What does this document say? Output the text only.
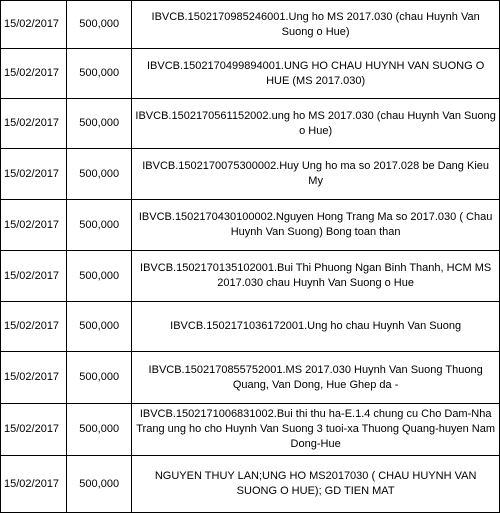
15/02/2017	500,000	IBVCB.1502170985246001.Ung ho MS 2017.030 (chau Huynh Van Suong o Hue)
15/02/2017	500,000	IBVCB.1502170499894001.UNG HO CHAU HUYNH VAN SUONG O HUE (MS 2017.030)
15/02/2017	500,000	IBVCB.1502170561152002.ung ho MS 2017.030 (chau Huynh Van Suong o Hue)
15/02/2017	500,000	IBVCB.1502170075300002.Huy Ung ho ma so 2017.028 be Dang Kieu My
15/02/2017	500,000	IBVCB.1502170430100002.Nguyen Hong Trang Ma so 2017.030 ( Chau Huynh Van Suong) Bong toan than
15/02/2017	500,000	IBVCB.1502170135102001.Bui Thi Phuong Ngan Binh Thanh, HCM MS 2017.030 chau Huynh Van Suong o Hue
15/02/2017	500,000	IBVCB.1502171036172001.Ung ho chau Huynh Van Suong
15/02/2017	500,000	IBVCB.1502170855752001.MS 2017.030 Huynh Van Suong Thuong Quang, Van Dong, Hue Ghep da -
15/02/2017	500,000	IBVCB.1502171006831002.Bui thi thu ha-E.1.4 chung cu Cho Dam-Nha Trang ung ho cho Huynh Van Suong 3 tuoi-xa Thuong Quang-huyen Nam Dong-Hue
15/02/2017	500,000	NGUYEN THUY LAN;UNG HO MS2017030 ( CHAU HUYNH VAN SUONG O HUE); GD TIEN MAT
